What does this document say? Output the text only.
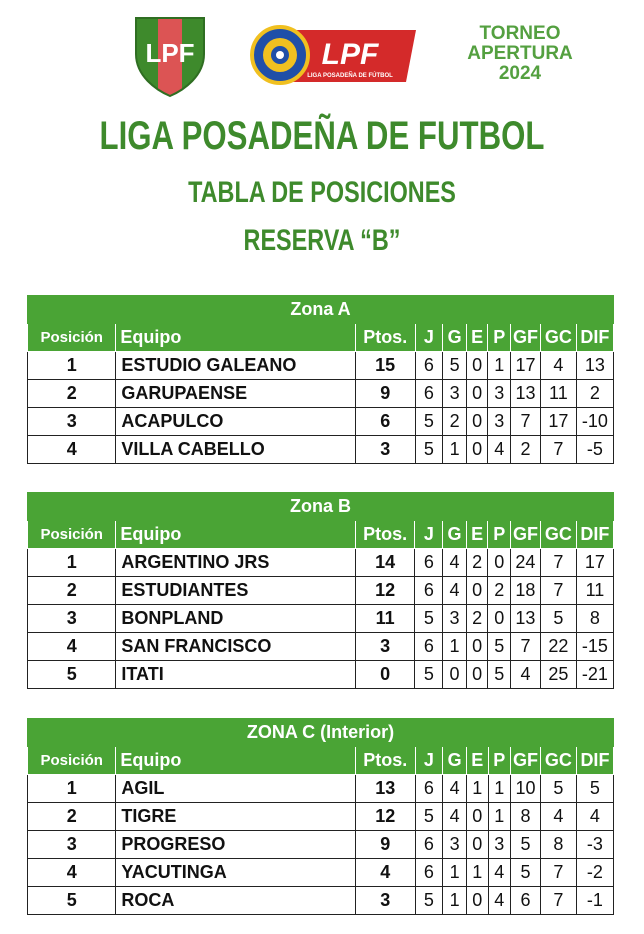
LPF	LPF
LIGA POSADEÑA DE FÚTBOL
TORNEO
APERTURA
2024
LIGA POSADEÑA DE FUTBOL
TABLA DE POSICIONES
RESERVA “B”
Zona A									
Posición	Equipo	Ptos.	J	G	E	P	GF	GC	DIF
1	ESTUDIO GALEANO	15	6	5	0	1	17	4	13
2	GARUPAENSE	9	6	3	0	3	13	11	2
3	ACAPULCO	6	5	2	0	3	7	17	-10
4	VILLA CABELLO	3	5	1	0	4	2	7	-5
Zona B									
Posición	Equipo	Ptos.	J	G	E	P	GF	GC	DIF
1	ARGENTINO JRS	14	6	4	2	0	24	7	17
2	ESTUDIANTES	12	6	4	0	2	18	7	11
3	BONPLAND	11	5	3	2	0	13	5	8
4	SAN FRANCISCO	3	6	1	0	5	7	22	-15
5	ITATI	0	5	0	0	5	4	25	-21
ZONA C (Interior)									
Posición	Equipo	Ptos.	J	G	E	P	GF	GC	DIF
1	AGIL	13	6	4	1	1	10	5	5
2	TIGRE	12	5	4	0	1	8	4	4
3	PROGRESO	9	6	3	0	3	5	8	-3
4	YACUTINGA	4	6	1	1	4	5	7	-2
5	ROCA	3	5	1	0	4	6	7	-1
